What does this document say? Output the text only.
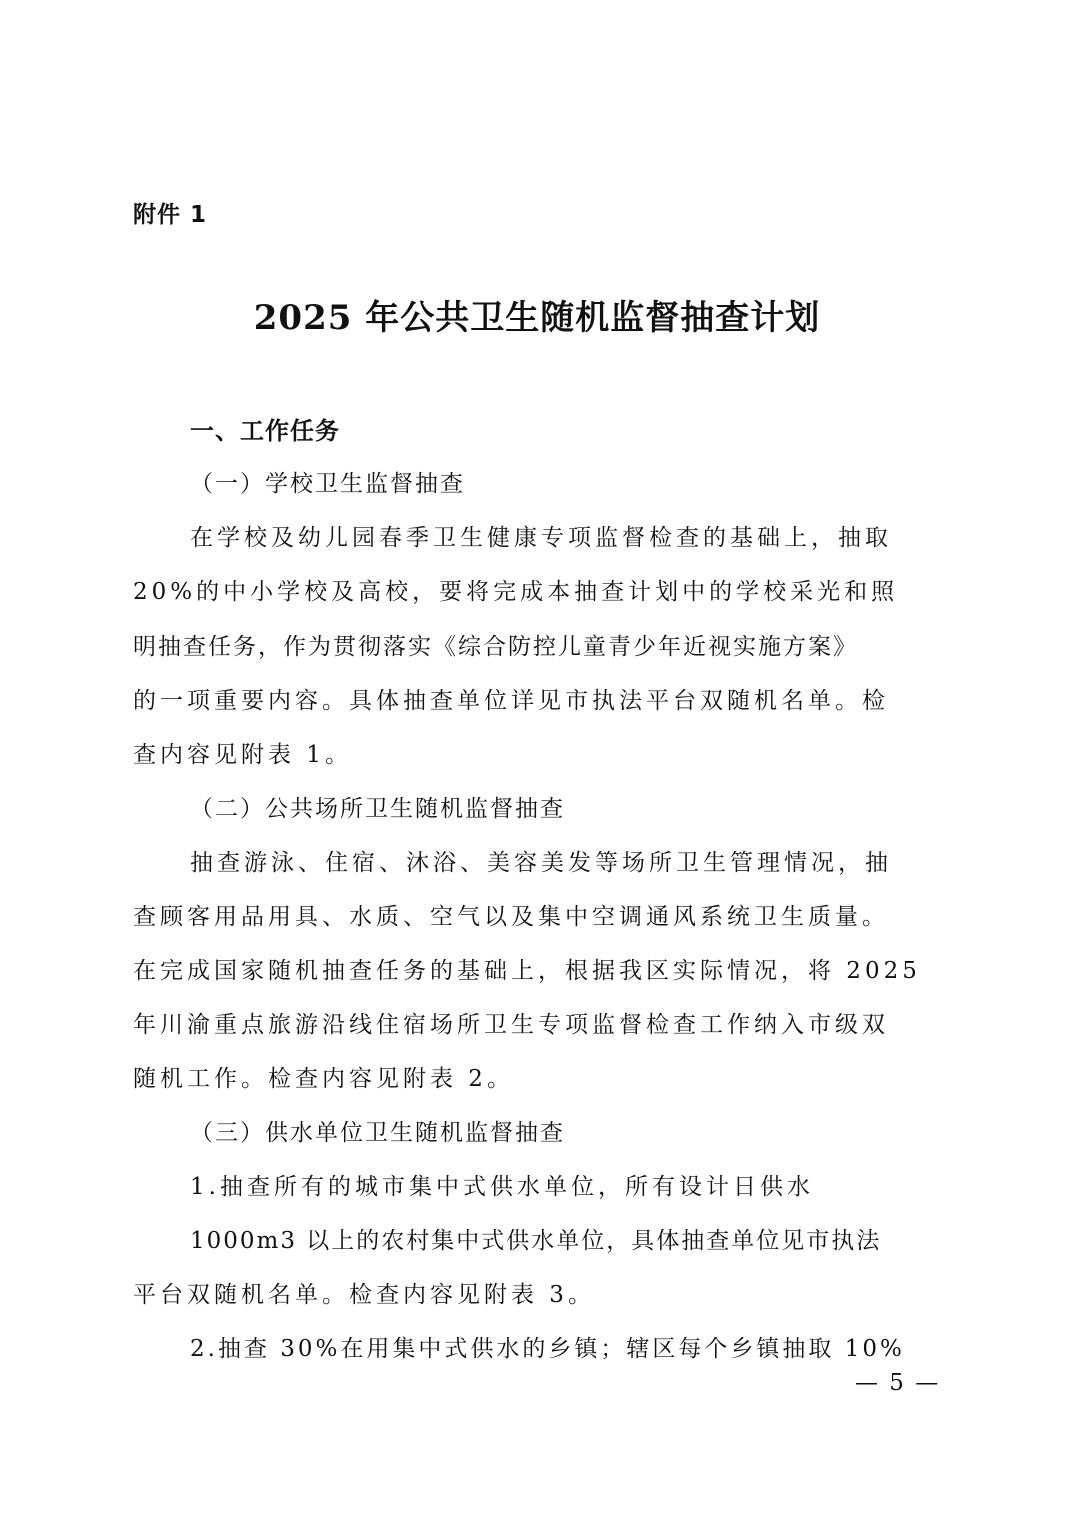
附件 1
2025 年公共卫生随机监督抽查计划
一、工作任务
（一）学校卫生监督抽查
在学校及幼儿园春季卫生健康专项监督检查的基础上，抽取
20%的中小学校及高校，要将完成本抽查计划中的学校采光和照
明抽查任务，作为贯彻落实《综合防控儿童青少年近视实施方案》
的一项重要内容。具体抽查单位详见市执法平台双随机名单。检
查内容见附表 1。
（二）公共场所卫生随机监督抽查
抽查游泳、住宿、沐浴、美容美发等场所卫生管理情况，抽
查顾客用品用具、水质、空气以及集中空调通风系统卫生质量。
在完成国家随机抽查任务的基础上，根据我区实际情况，将 2025
年川渝重点旅游沿线住宿场所卫生专项监督检查工作纳入市级双
随机工作。检查内容见附表 2。
（三）供水单位卫生随机监督抽查
1.抽查所有的城市集中式供水单位，所有设计日供水
1000m3 以上的农村集中式供水单位，具体抽查单位见市执法
平台双随机名单。检查内容见附表 3。
2.抽查 30%在用集中式供水的乡镇；辖区每个乡镇抽取 10%
— 5 —
